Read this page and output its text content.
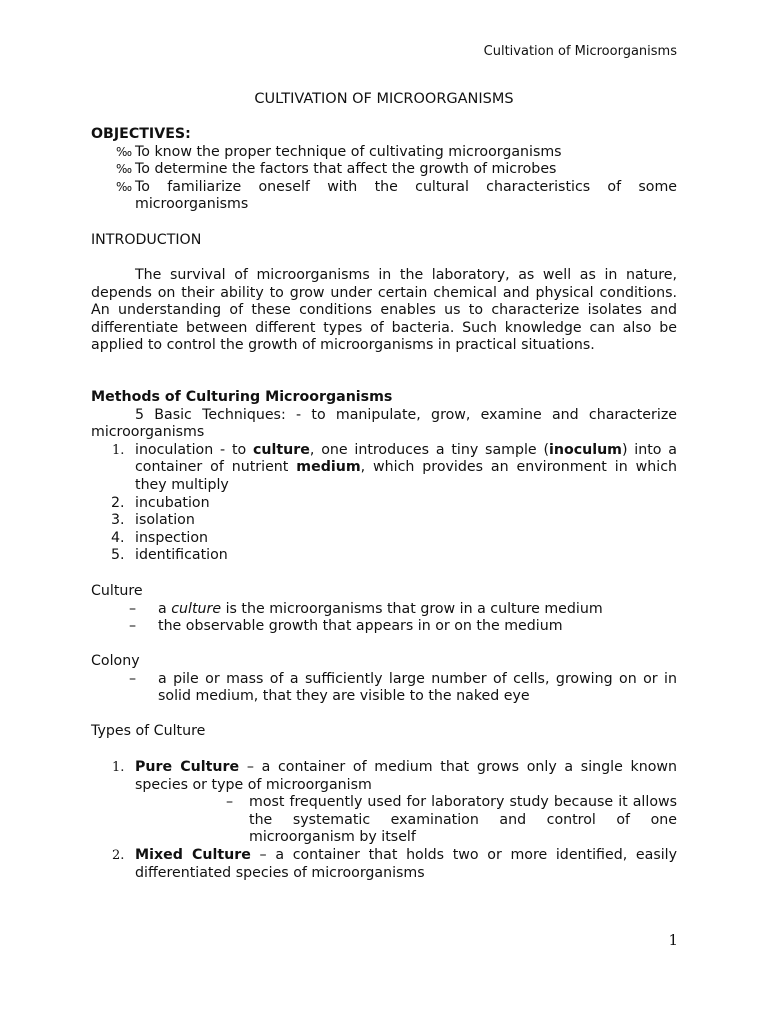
Cultivation of Microorganisms
CULTIVATION OF MICROORGANISMS
OBJECTIVES:
‰ To know the proper technique of cultivating microorganisms
‰ To determine the factors that affect the growth of microbes
‰ To familiarize oneself with the cultural characteristics of some microorganisms
INTRODUCTION
The survival of microorganisms in the laboratory, as well as in nature, depends on their ability to grow under certain chemical and physical conditions. An understanding of these conditions enables us to characterize isolates and differentiate between different types of bacteria. Such knowledge can also be applied to control the growth of microorganisms in practical situations.
Methods of Culturing Microorganisms
5 Basic Techniques: - to manipulate, grow, examine and characterize microorganisms
1. inoculation - to culture, one introduces a tiny sample (inoculum) into a container of nutrient medium, which provides an environment in which they multiply
2. incubation
3. isolation
4. inspection
5. identification
Culture
– a culture is the microorganisms that grow in a culture medium
– the observable growth that appears in or on the medium
Colony
– a pile or mass of a sufficiently large number of cells, growing on or in solid medium, that they are visible to the naked eye
Types of Culture
1. Pure Culture – a container of medium that grows only a single known species or type of microorganism
– most frequently used for laboratory study because it allows the systematic examination and control of one microorganism by itself
2. Mixed Culture – a container that holds two or more identified, easily differentiated species of microorganisms
1
